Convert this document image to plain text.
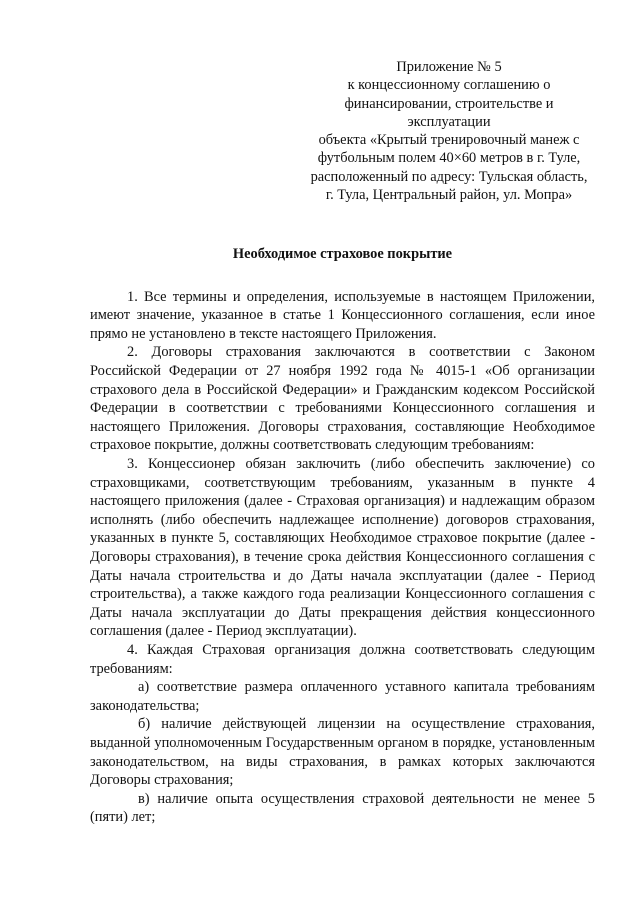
Приложение № 5
к концессионному соглашению о
финансировании, строительстве и эксплуатации
объекта «Крытый тренировочный манеж с
футбольным полем 40×60 метров в г. Туле,
расположенный по адресу: Тульская область,
г. Тула, Центральный район, ул. Мопра»
Необходимое страховое покрытие

1. Все термины и определения, используемые в настоящем Приложении, имеют значение, указанное в статье 1 Концессионного соглашения, если иное прямо не установлено в тексте настоящего Приложения.

2. Договоры страхования заключаются в соответствии с Законом Российской Федерации от 27 ноября 1992 года № 4015-1 «Об организации страхового дела в Российской Федерации» и Гражданским кодексом Российской Федерации в соответствии с требованиями Концессионного соглашения и настоящего Приложения. Договоры страхования, составляющие Необходимое страховое покрытие, должны соответствовать следующим требованиям:

3. Концессионер обязан заключить (либо обеспечить заключение) со страховщиками, соответствующим требованиям, указанным в пункте 4 настоящего приложения (далее - Страховая организация) и надлежащим образом исполнять (либо обеспечить надлежащее исполнение) договоров страхования, указанных в пункте 5, составляющих Необходимое страховое покрытие (далее - Договоры страхования), в течение срока действия Концессионного соглашения с Даты начала строительства и до Даты начала эксплуатации (далее - Период строительства), а также каждого года реализации Концессионного соглашения с Даты начала эксплуатации до Даты прекращения действия концессионного соглашения (далее - Период эксплуатации).

4. Каждая Страховая организация должна соответствовать следующим требованиям:

а) соответствие размера оплаченного уставного капитала требованиям законодательства;

б) наличие действующей лицензии на осуществление страхования, выданной уполномоченным Государственным органом в порядке, установленным законодательством, на виды страхования, в рамках которых заключаются Договоры страхования;

в) наличие опыта осуществления страховой деятельности не менее 5 (пяти) лет;
